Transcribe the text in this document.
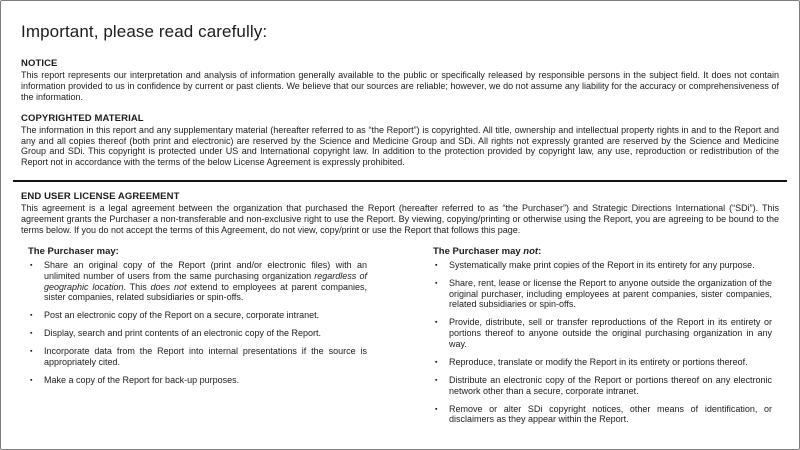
Important, please read carefully:
NOTICE

This report represents our interpretation and analysis of information generally available to the public or specifically released by responsible persons in the subject field. It does not contain information provided to us in confidence by current or past clients. We believe that our sources are reliable; however, we do not assume any liability for the accuracy or comprehensiveness of the information.

COPYRIGHTED MATERIAL

The information in this report and any supplementary material (hereafter referred to as “the Report”) is copyrighted. All title, ownership and intellectual property rights in and to the Report and any and all copies thereof (both print and electronic) are reserved by the Science and Medicine Group and SDi. All rights not expressly granted are reserved by the Science and Medicine Group and SDi. This copyright is protected under US and International copyright law. In addition to the protection provided by copyright law, any use, reproduction or redistribution of the Report not in accordance with the terms of the below License Agreement is expressly prohibited.

END USER LICENSE AGREEMENT

This agreement is a legal agreement between the organization that purchased the Report (hereafter referred to as “the Purchaser”) and Strategic Directions International (“SDi”). This agreement grants the Purchaser a non-transferable and non-exclusive right to use the Report. By viewing, copying/printing or otherwise using the Report, you are agreeing to be bound to the terms below. If you do not accept the terms of this Agreement, do not view, copy/print or use the Report that follows this page.

The Purchaser may:
▪ Share an original copy of the Report (print and/or electronic files) with an unlimited number of users from the same purchasing organization regardless of geographic location. This does not extend to employees at parent companies, sister companies, related subsidiaries or spin-offs.
▪ Post an electronic copy of the Report on a secure, corporate intranet.
▪ Display, search and print contents of an electronic copy of the Report.
▪ Incorporate data from the Report into internal presentations if the source is appropriately cited.
▪ Make a copy of the Report for back-up purposes.
The Purchaser may not:
▪ Systematically make print copies of the Report in its entirety for any purpose.
▪ Share, rent, lease or license the Report to anyone outside the organization of the original purchaser, including employees at parent companies, sister companies, related subsidiaries or spin-offs.
▪ Provide, distribute, sell or transfer reproductions of the Report in its entirety or portions thereof to anyone outside the original purchasing organization in any way.
▪ Reproduce, translate or modify the Report in its entirety or portions thereof.
▪ Distribute an electronic copy of the Report or portions thereof on any electronic network other than a secure, corporate intranet.
▪ Remove or alter SDi copyright notices, other means of identification, or disclaimers as they appear within the Report.
